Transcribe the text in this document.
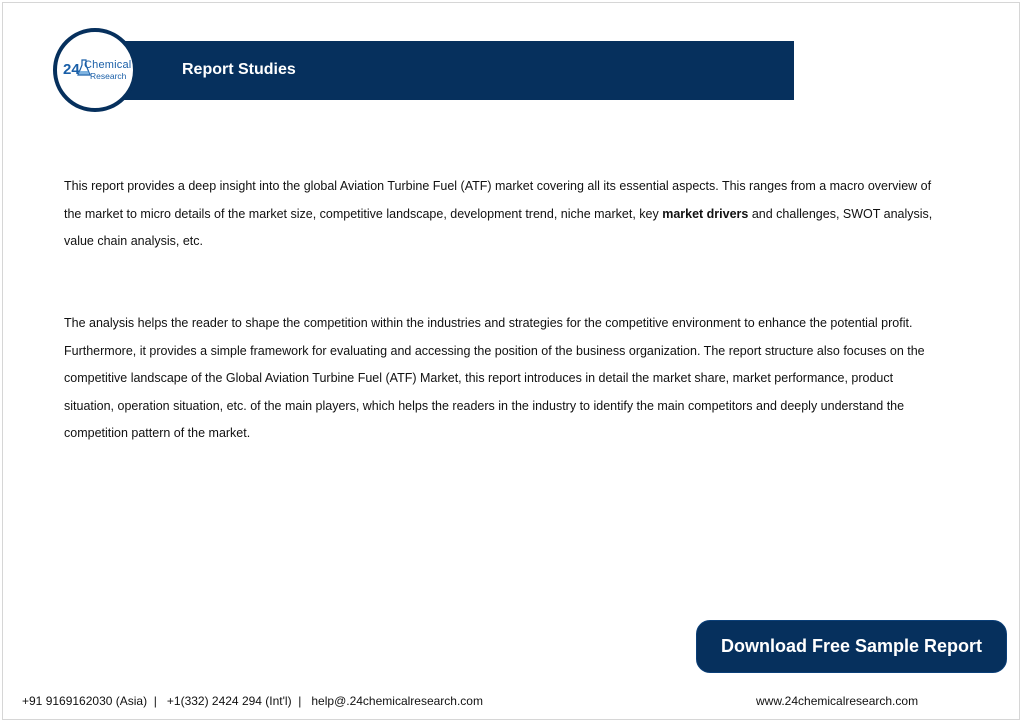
Report Studies
24 Chemical
Research

This report provides a deep insight into the global Aviation Turbine Fuel (ATF) market covering all its essential aspects. This ranges from a macro overview of the market to micro details of the market size, competitive landscape, development trend, niche market, key market drivers and challenges, SWOT analysis, value chain analysis, etc.

The analysis helps the reader to shape the competition within the industries and strategies for the competitive environment to enhance the potential profit. Furthermore, it provides a simple framework for evaluating and accessing the position of the business organization. The report structure also focuses on the competitive landscape of the Global Aviation Turbine Fuel (ATF) Market, this report introduces in detail the market share, market performance, product situation, operation situation, etc. of the main players, which helps the readers in the industry to identify the main competitors and deeply understand the competition pattern of the market.

Download Free Sample Report
+91 9169162030 (Asia)  |   +1(332) 2424 294 (Int'l)  |   help@.24chemicalresearch.com	www.24chemicalresearch.com
